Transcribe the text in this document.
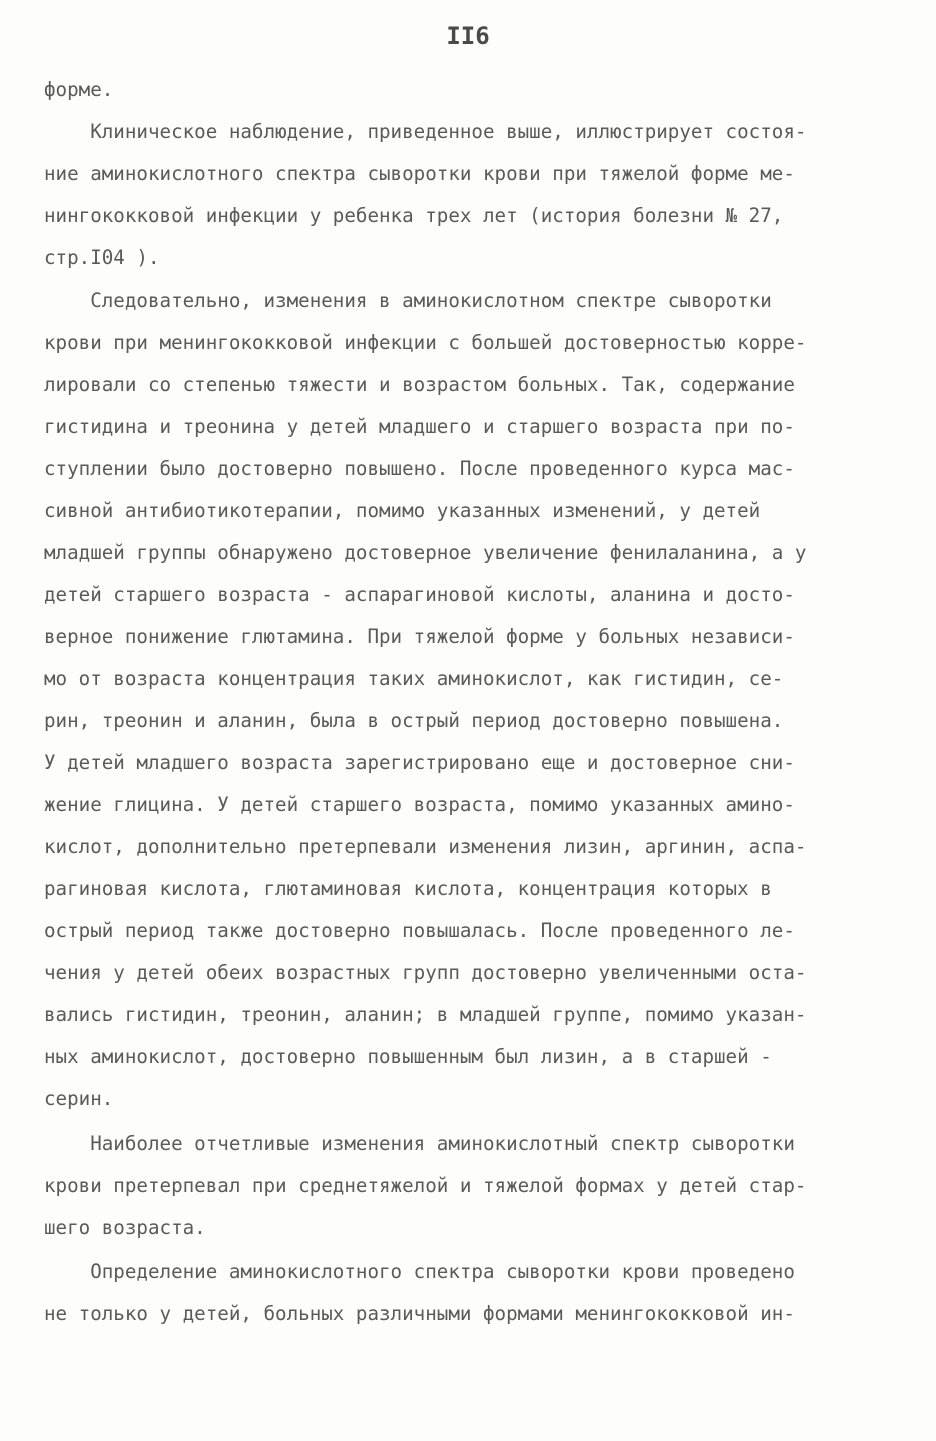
II6
форме.
Клиническое наблюдение, приведенное выше, иллюстрирует состоя-
ние аминокислотного спектра сыворотки крови при тяжелой форме ме-
нингококковой инфекции у ребенка трех лет (история болезни № 27,
стр.I04 ).
Следовательно, изменения в аминокислотном спектре сыворотки
крови при менингококковой инфекции с большей достоверностью корре-
лировали со степенью тяжести и возрастом больных. Так, содержание
гистидина и треонина у детей младшего и старшего возраста при по-
ступлении было достоверно повышено. После проведенного курса мас-
сивной антибиотикотерапии, помимо указанных изменений, у детей
младшей группы обнаружено достоверное увеличение фенилаланина, а у
детей старшего возраста - аспарагиновой кислоты, аланина и досто-
верное понижение глютамина. При тяжелой форме у больных независи-
мо от возраста концентрация таких аминокислот, как гистидин, се-
рин, треонин и аланин, была в острый период достоверно повышена.
У детей младшего возраста зарегистрировано еще и достоверное сни-
жение глицина. У детей старшего возраста, помимо указанных амино-
кислот, дополнительно претерпевали изменения лизин, аргинин, аспа-
рагиновая кислота, глютаминовая кислота, концентрация которых в
острый период также достоверно повышалась. После проведенного ле-
чения у детей обеих возрастных групп достоверно увеличенными оста-
вались гистидин, треонин, аланин; в младшей группе, помимо указан-
ных аминокислот, достоверно повышенным был лизин, а в старшей -
серин.
Наиболее отчетливые изменения аминокислотный спектр сыворотки
крови претерпевал при среднетяжелой и тяжелой формах у детей стар-
шего возраста.
Определение аминокислотного спектра сыворотки крови проведено
не только у детей, больных различными формами менингококковой ин-
